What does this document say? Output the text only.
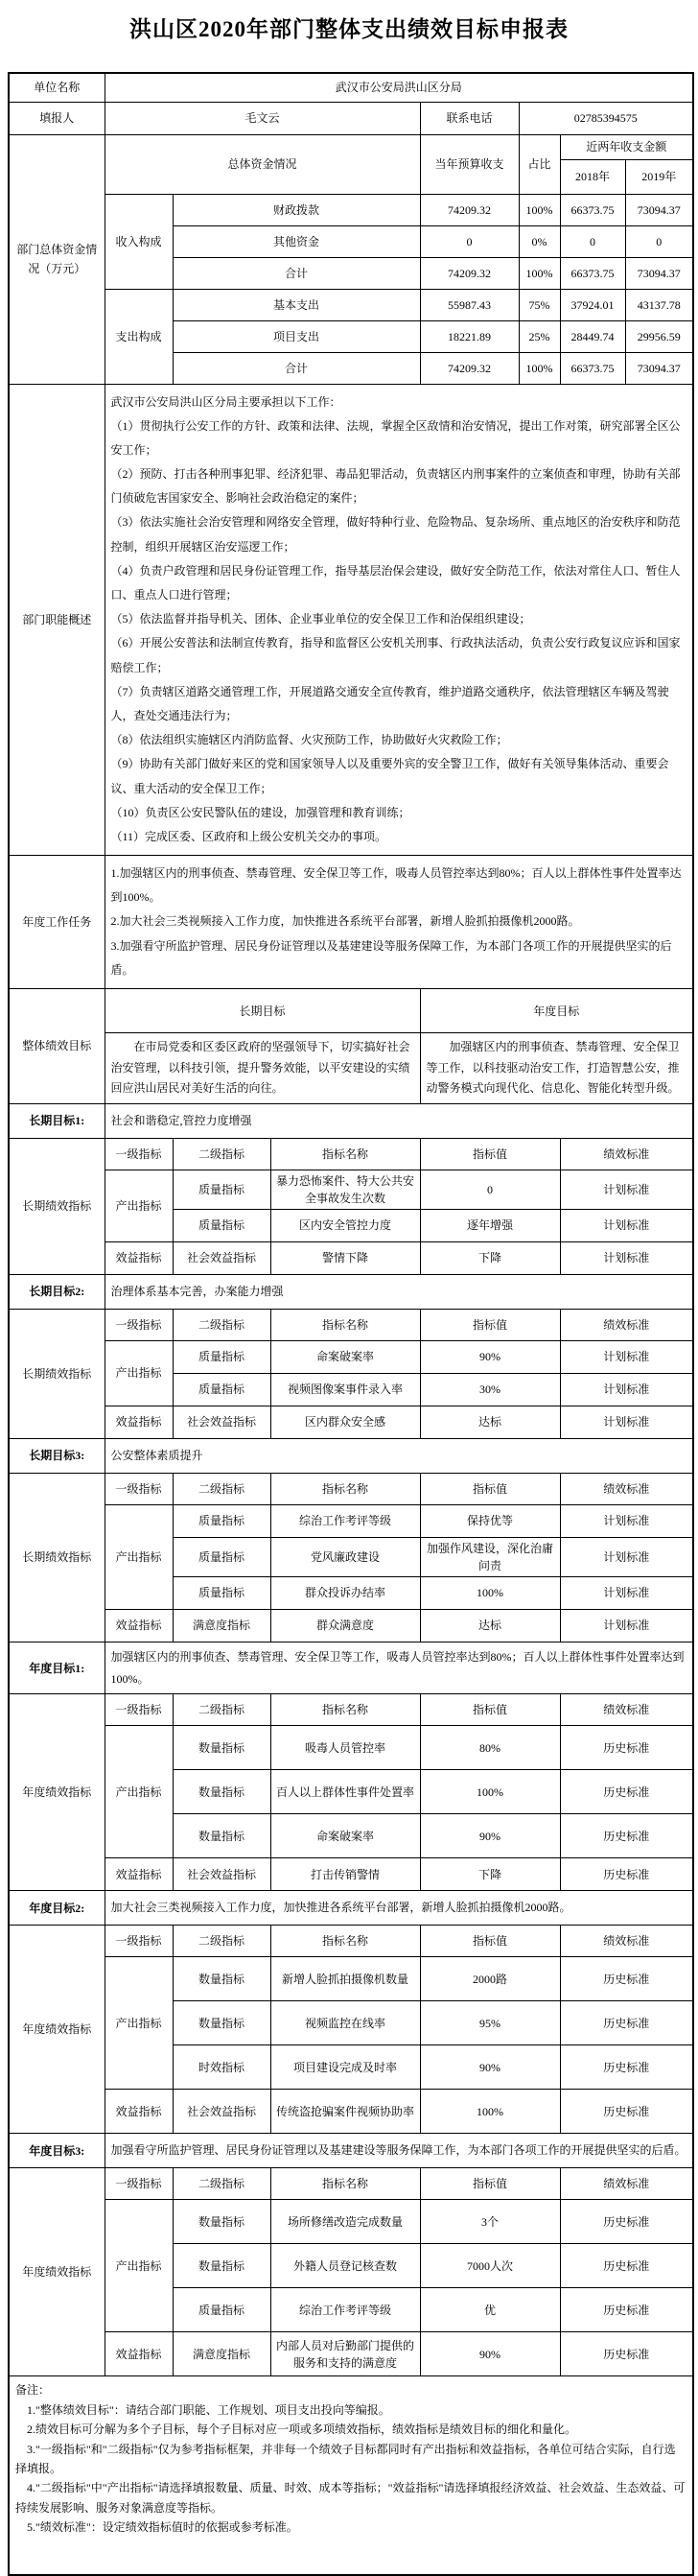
洪山区2020年部门整体支出绩效目标申报表
单位名称	武汉市公安局洪山区分局						
填报人	毛文云			联系电话	02785394575		
部门总体资金情况（万元）	总体资金情况			当年预算收支	占比	近两年收支金额	
						2018年	2019年
	收入构成	财政拨款		74209.32	100%	66373.75	73094.37
		其他资金		0	0%	0	0
		合计		74209.32	100%	66373.75	73094.37
	支出构成	基本支出		55987.43	75%	37924.01	43137.78
		项目支出		18221.89	25%	28449.74	29956.59
		合计		74209.32	100%	66373.75	73094.37
部门职能概述	
武汉市公安局洪山区分局主要承担以下工作：
（1）贯彻执行公安工作的方针、政策和法律、法规，掌握全区敌情和治安情况，提出工作对策，研究部署全区公安工作；
（2）预防、打击各种刑事犯罪、经济犯罪、毒品犯罪活动，负责辖区内刑事案件的立案侦查和审理，协助有关部门侦破危害国家安全、影响社会政治稳定的案件；
（3）依法实施社会治安管理和网络安全管理，做好特种行业、危险物品、复杂场所、重点地区的治安秩序和防范控制，组织开展辖区治安巡逻工作；
（4）负责户政管理和居民身份证管理工作，指导基层治保会建设，做好安全防范工作，依法对常住人口、暂住人口、重点人口进行管理；
（5）依法监督并指导机关、团体、企业事业单位的安全保卫工作和治保组织建设；
（6）开展公安普法和法制宣传教育，指导和监督区公安机关刑事、行政执法活动，负责公安行政复议应诉和国家赔偿工作；
（7）负责辖区道路交通管理工作，开展道路交通安全宣传教育，维护道路交通秩序，依法管理辖区车辆及驾驶人，查处交通违法行为；
（8）依法组织实施辖区内消防监督、火灾预防工作，协助做好火灾救险工作；
（9）协助有关部门做好来区的党和国家领导人以及重要外宾的安全警卫工作，做好有关领导集体活动、重要会议、重大活动的安全保卫工作；
（10）负责区公安民警队伍的建设，加强管理和教育训练；
（11）完成区委、区政府和上级公安机关交办的事项。

年度工作任务	1.加强辖区内的刑事侦查、禁毒管理、安全保卫等工作，吸毒人员管控率达到80%；百人以上群体性事件处置率达到100%。
2.加大社会三类视频接入工作力度，加快推进各系统平台部署，新增人脸抓拍摄像机2000路。
3.加强看守所监护管理、居民身份证管理以及基建建设等服务保障工作，为本部门各项工作的开展提供坚实的后盾。						

整体绩效目标	长期目标			年度目标			
	在市局党委和区委区政府的坚强领导下，切实搞好社会治安管理，以科技引领，提升警务效能，以平安建设的实绩回应洪山居民对美好生活的向往。			加强辖区内的刑事侦查、禁毒管理、安全保卫等工作，以科技驱动治安工作，打造智慧公安，推动警务模式向现代化、信息化、智能化转型升级。			
长期目标1:	社会和谐稳定,管控力度增强						
长期绩效指标	一级指标	二级指标	指标名称	指标值		绩效标准	
	产出指标	质量指标	暴力恐怖案件、特大公共安全事故发生次数	0		计划标准	
		质量指标	区内安全管控力度	逐年增强		计划标准	
	效益指标	社会效益指标	警情下降	下降		计划标准	
长期目标2:	治理体系基本完善，办案能力增强						
长期绩效指标	一级指标	二级指标	指标名称	指标值		绩效标准	
	产出指标	质量指标	命案破案率	90%		计划标准	
		质量指标	视频图像案事件录入率	30%		计划标准	
	效益指标	社会效益指标	区内群众安全感	达标		计划标准	
长期目标3:	公安整体素质提升						
长期绩效指标	一级指标	二级指标	指标名称	指标值		绩效标准	
	产出指标	质量指标	综治工作考评等级	保持优等		计划标准	
		质量指标	党风廉政建设	加强作风建设，深化治庸问责		计划标准	
		质量指标	群众投诉办结率	100%		计划标准	
	效益指标	满意度指标	群众满意度	达标		计划标准	
年度目标1:	加强辖区内的刑事侦查、禁毒管理、安全保卫等工作，吸毒人员管控率达到80%；百人以上群体性事件处置率达到100%。						
年度绩效指标	一级指标	二级指标	指标名称	指标值		绩效标准	
	产出指标	数量指标	吸毒人员管控率	80%		历史标准	
		数量指标	百人以上群体性事件处置率	100%		历史标准	
		数量指标	命案破案率	90%		历史标准	
	效益指标	社会效益指标	打击传销警情	下降		历史标准	
年度目标2:	加大社会三类视频接入工作力度，加快推进各系统平台部署，新增人脸抓拍摄像机2000路。						
年度绩效指标	一级指标	二级指标	指标名称	指标值		绩效标准	
	产出指标	数量指标	新增人脸抓拍摄像机数量	2000路		历史标准	
		数量指标	视频监控在线率	95%		历史标准	
		时效指标	项目建设完成及时率	90%		历史标准	
	效益指标	社会效益指标	传统盗抢骗案件视频协助率	100%		历史标准	
年度目标3:	加强看守所监护管理、居民身份证管理以及基建建设等服务保障工作，为本部门各项工作的开展提供坚实的后盾。						
年度绩效指标	一级指标	二级指标	指标名称	指标值		绩效标准	
	产出指标	数量指标	场所修缮改造完成数量	3个		历史标准	
		数量指标	外籍人员登记核查数	7000人次		历史标准	
		质量指标	综治工作考评等级	优		历史标准	
	效益指标	满意度指标	内部人员对后勤部门提供的服务和支持的满意度	90%		历史标准	

备注：
1."整体绩效目标"：请结合部门职能、工作规划、项目支出投向等编报。
2.绩效目标可分解为多个子目标，每个子目标对应一项或多项绩效指标，绩效指标是绩效目标的细化和量化。
3."一级指标"和"二级指标"仅为参考指标框架，并非每一个绩效子目标都同时有产出指标和效益指标，各单位可结合实际，自行选择填报。
4."二级指标"中"产出指标"请选择填报数量、质量、时效、成本等指标；"效益指标"请选择填报经济效益、社会效益、生态效益、可持续发展影响、服务对象满意度等指标。
5."绩效标准"：设定绩效指标值时的依据或参考标准。
